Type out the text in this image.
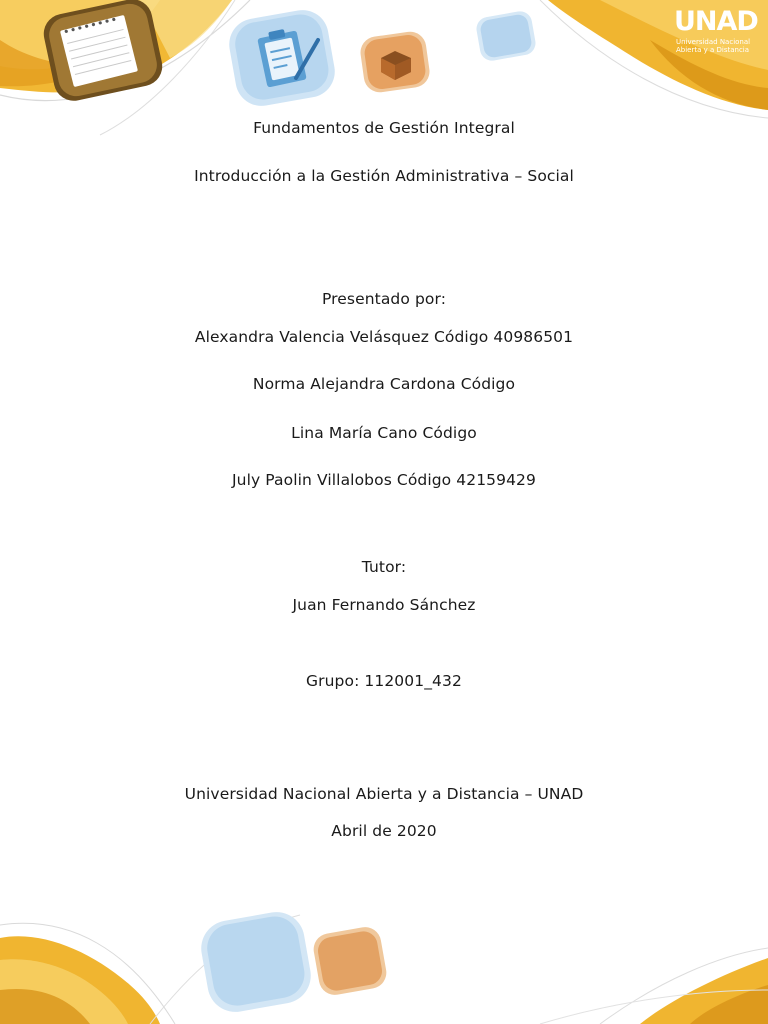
UNAD
Universidad Nacional
Abierta y a Distancia
Fundamentos de Gestión Integral
Introducción a la Gestión Administrativa – Social
Presentado por:
Alexandra Valencia Velásquez Código 40986501
Norma Alejandra Cardona Código
Lina María Cano Código
July Paolin Villalobos Código 42159429
Tutor:
Juan Fernando Sánchez
Grupo: 112001_432
Universidad Nacional Abierta y a Distancia – UNAD
Abril de 2020
